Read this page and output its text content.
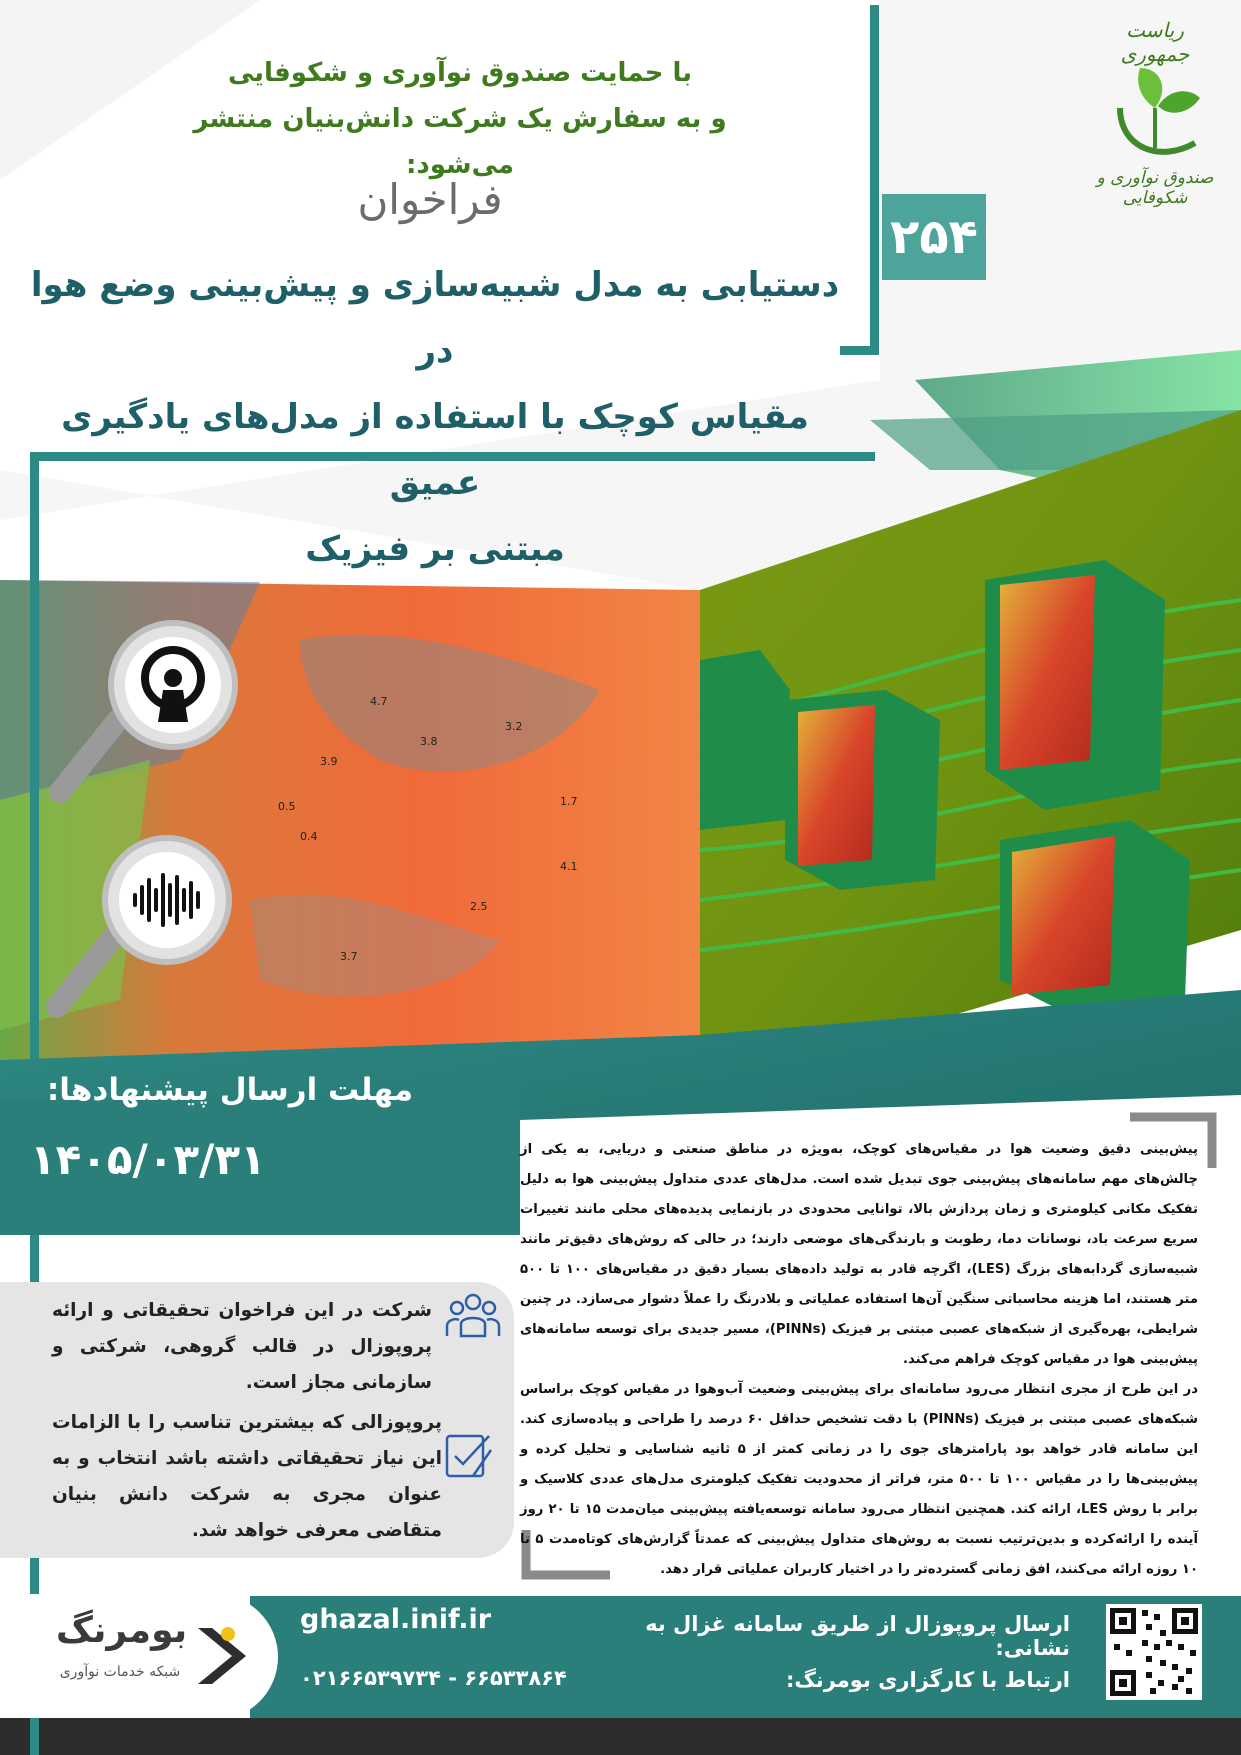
ریاست جمهوری
صندوق نوآوری و شکوفایی
با حمایت صندوق نوآوری و شکوفایی
و به سفارش یک شرکت دانش‌بنیان منتشر می‌شود:
فراخوان
۲۵۴
دستیابی به مدل شبیه‌سازی و پیش‌بینی وضع هوا در
مقیاس کوچک با استفاده از مدل‌های یادگیری عمیق
مبتنی بر فیزیک
3.8
4.7
3.2
3.9
0.5	1.7
0.4
3.7
2.5
4.1
مهلت ارسال پیشنهادها:
۱۴۰۵/۰۳/۳۱	پیش‌بینی دقیق وضعیت هوا در مقیاس‌های کوچک، به‌ویژه در مناطق صنعتی و دریایی، به یکی از چالش‌های مهم سامانه‌های پیش‌بینی جوی تبدیل شده است. مدل‌های عددی متداول پیش‌بینی هوا به دلیل تفکیک مکانی کیلومتری و زمان پردازش بالا، توانایی محدودی در بازنمایی پدیده‌های محلی مانند تغییرات سریع سرعت باد، نوسانات دما، رطوبت و بارندگی‌های موضعی دارند؛ در حالی که روش‌های دقیق‌تر مانند شبیه‌سازی گردابه‌های بزرگ (LES)، اگرچه قادر به تولید داده‌های بسیار دقیق در مقیاس‌های ۱۰۰ تا ۵۰۰ متر هستند، اما هزینه محاسباتی سنگین آن‌ها استفاده عملیاتی و بلادرنگ را عملاً دشوار می‌سازد. در چنین شرایطی، بهره‌گیری از شبکه‌های عصبی مبتنی بر فیزیک (PINNs)، مسیر جدیدی برای توسعه سامانه‌های پیش‌بینی هوا در مقیاس کوچک فراهم می‌کند.

در این طرح از مجری انتظار می‌رود سامانه‌ای برای پیش‌بینی وضعیت آب‌وهوا در مقیاس کوچک براساس شبکه‌های عصبی مبتنی بر فیزیک (PINNs) با دقت تشخیص حداقل ۶۰ درصد را طراحی و پیاده‌سازی کند. این سامانه قادر خواهد بود پارامترهای جوی را در زمانی کمتر از ۵ ثانیه شناسایی و تحلیل کرده و پیش‌بینی‌ها را در مقیاس ۱۰۰ تا ۵۰۰ متر، فراتر از محدودیت تفکیک کیلومتری مدل‌های عددی کلاسیک و برابر با روش LES، ارائه کند. همچنین انتظار می‌رود سامانه توسعه‌یافته پیش‌بینی میان‌مدت ۱۵ تا ۲۰ روز آینده را ارائه‌کرده و بدین‌ترتیب نسبت به روش‌های متداول پیش‌بینی که عمدتاً گزارش‌های کوتاه‌مدت ۵ تا ۱۰ روزه ارائه می‌کنند، افق زمانی گسترده‌تر را در اختیار کاربران عملیاتی قرار دهد.

شرکت در این فراخوان تحقیقاتی و ارائه پروپوزال در قالب گروهی، شرکتی و سازمانی مجاز است.
پروپوزالی که بیشترین تناسب را با الزامات این نیاز تحقیقاتی داشته باشد انتخاب و به عنوان مجری به شرکت دانش بنیان متقاضی معرفی خواهد شد.
بومرنگ
شبکه خدمات نوآوری
ghazal.inif.ir
۰۲۱۶۶۵۳۹۷۳۴ - ۶۶۵۳۳۸۶۴
ارسال پروپوزال از طریق سامانه غزال به نشانی:
ارتباط با کارگزاری بومرنگ:
